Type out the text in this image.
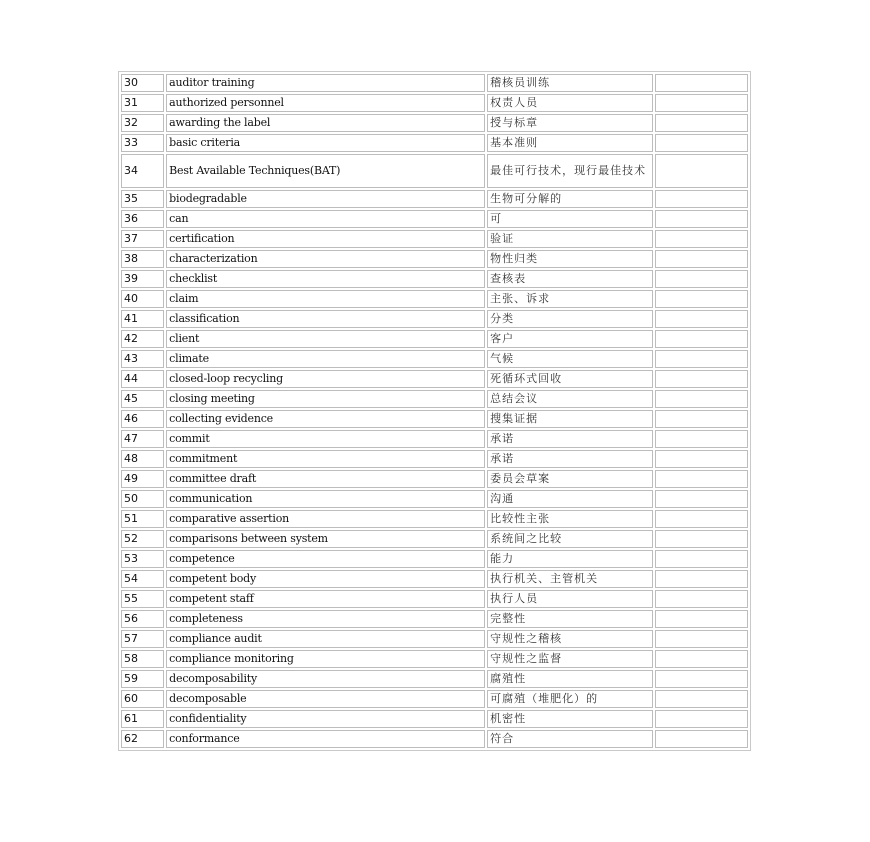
30	auditor training	稽核员训练	
31	authorized personnel	权责人员	
32	awarding the label	授与标章	
33	basic criteria	基本准则	
34	Best Available Techniques(BAT)	最佳可行技术，现行最佳技术	
35	biodegradable	生物可分解的	
36	can	可	
37	certification	验证	
38	characterization	物性归类	
39	checklist	查核表	
40	claim	主张、诉求	
41	classification	分类	
42	client	客户	
43	climate	气候	
44	closed-loop recycling	死循环式回收	
45	closing meeting	总结会议	
46	collecting evidence	搜集证据	
47	commit	承诺	
48	commitment	承诺	
49	committee draft	委员会草案	
50	communication	沟通	
51	comparative assertion	比较性主张	
52	comparisons between system	系统间之比较	
53	competence	能力	
54	competent body	执行机关、主管机关	
55	competent staff	执行人员	
56	completeness	完整性	
57	compliance audit	守规性之稽核	
58	compliance monitoring	守规性之监督	
59	decomposability	腐殖性	
60	decomposable	可腐殖（堆肥化）的	
61	confidentiality	机密性	
62	conformance	符合	
